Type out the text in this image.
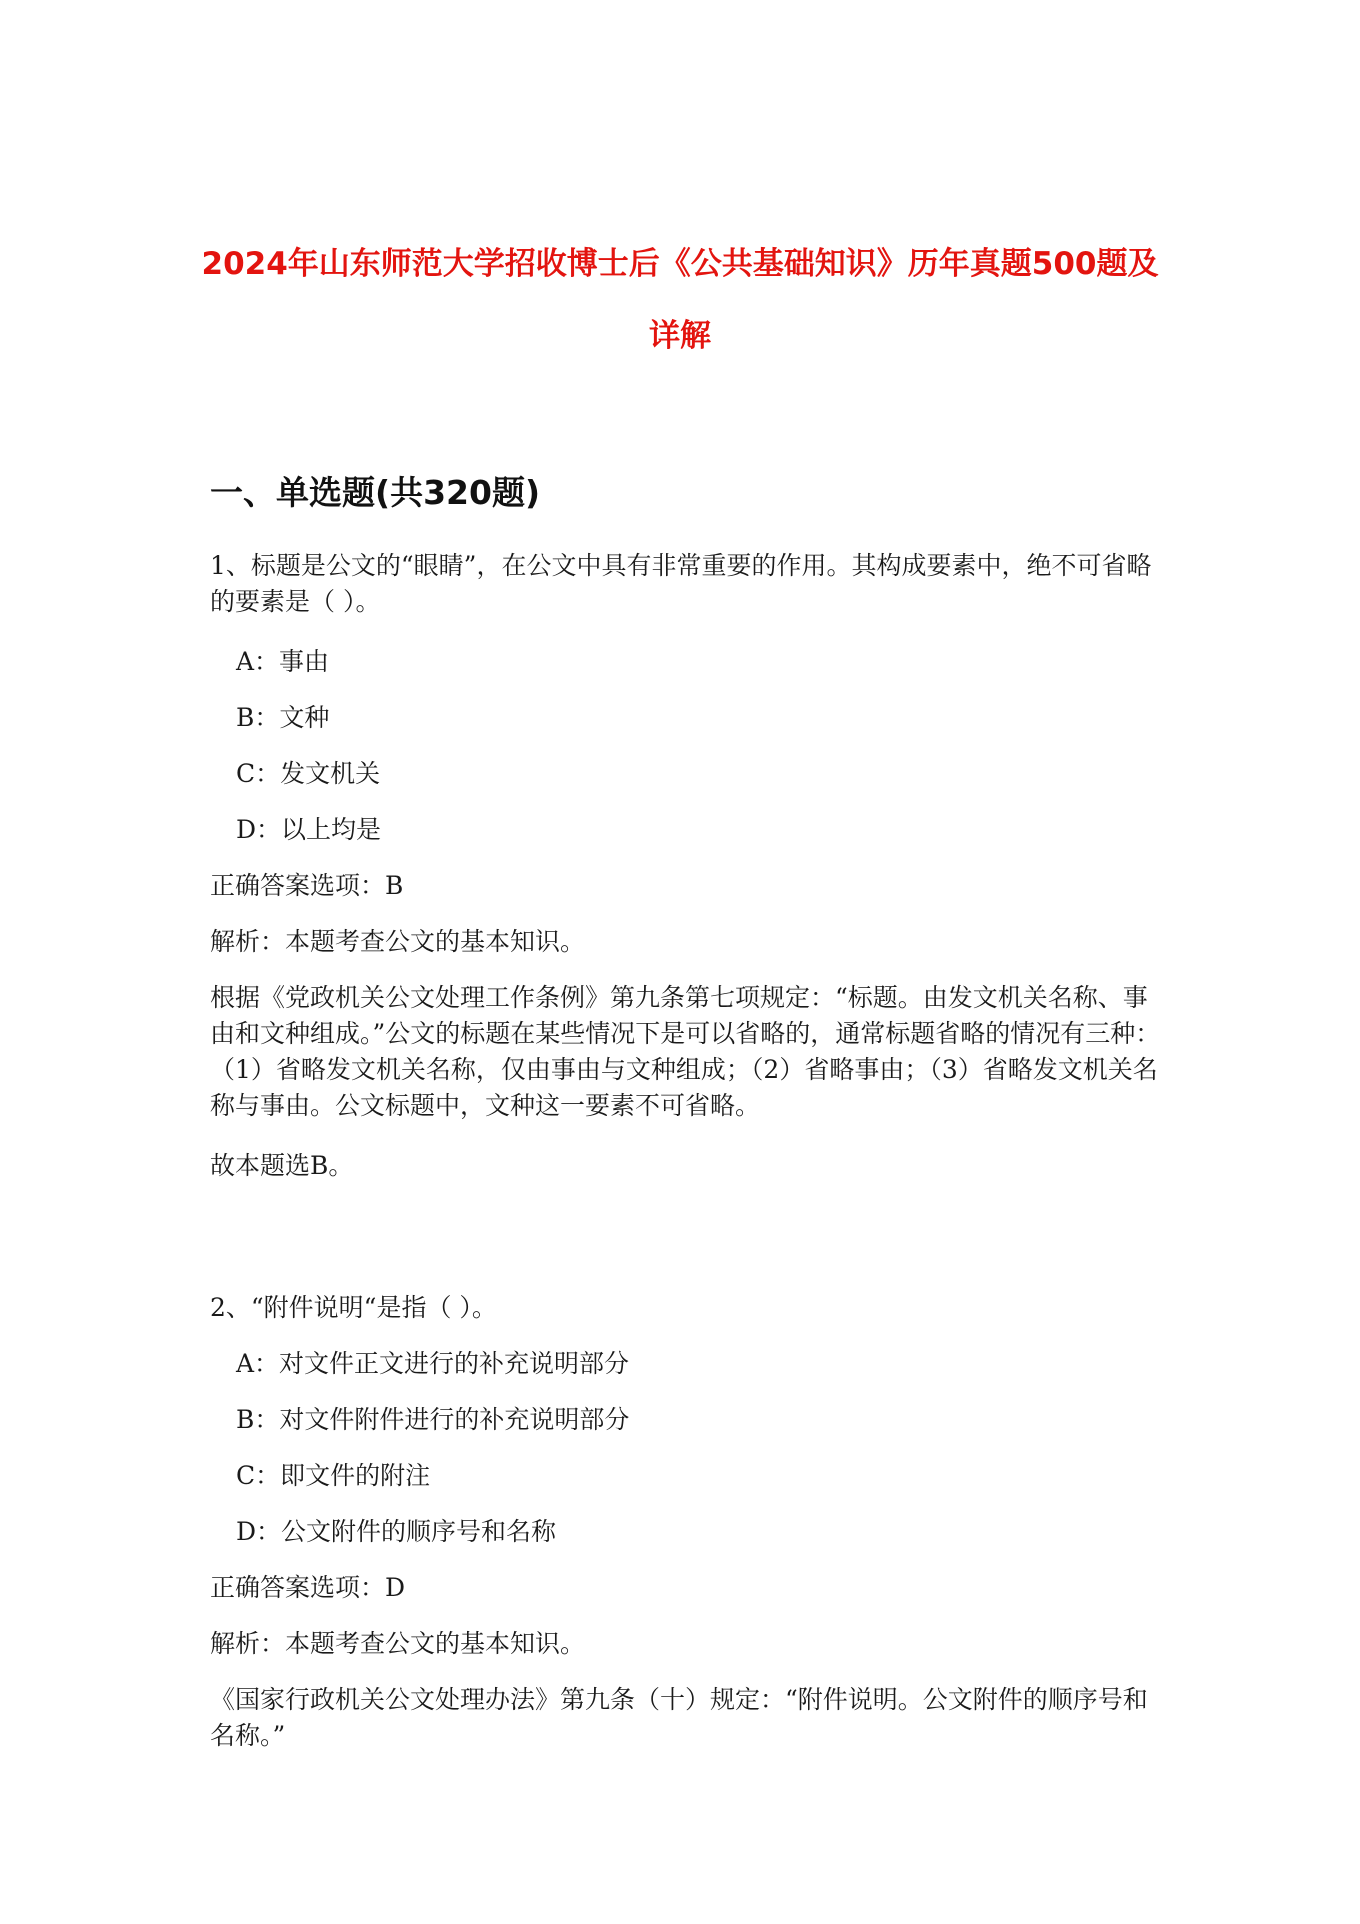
2024年山东师范大学招收博士后《公共基础知识》历年真题500题及详解
一、单选题(共320题)
1、标题是公文的“眼睛”，在公文中具有非常重要的作用。其构成要素中，绝不可省略的要素是（ ）。
A：事由
B：文种
C：发文机关
D：以上均是
正确答案选项：B
解析：本题考查公文的基本知识。
根据《党政机关公文处理工作条例》第九条第七项规定：“标题。由发文机关名称、事由和文种组成。”公文的标题在某些情况下是可以省略的，通常标题省略的情况有三种：（1）省略发文机关名称，仅由事由与文种组成；（2）省略事由；（3）省略发文机关名称与事由。公文标题中，文种这一要素不可省略。
故本题选B。
2、“附件说明“是指（ ）。
A：对文件正文进行的补充说明部分
B：对文件附件进行的补充说明部分
C：即文件的附注
D：公文附件的顺序号和名称
正确答案选项：D
解析：本题考查公文的基本知识。
《国家行政机关公文处理办法》第九条（十）规定：“附件说明。公文附件的顺序号和名称。”
